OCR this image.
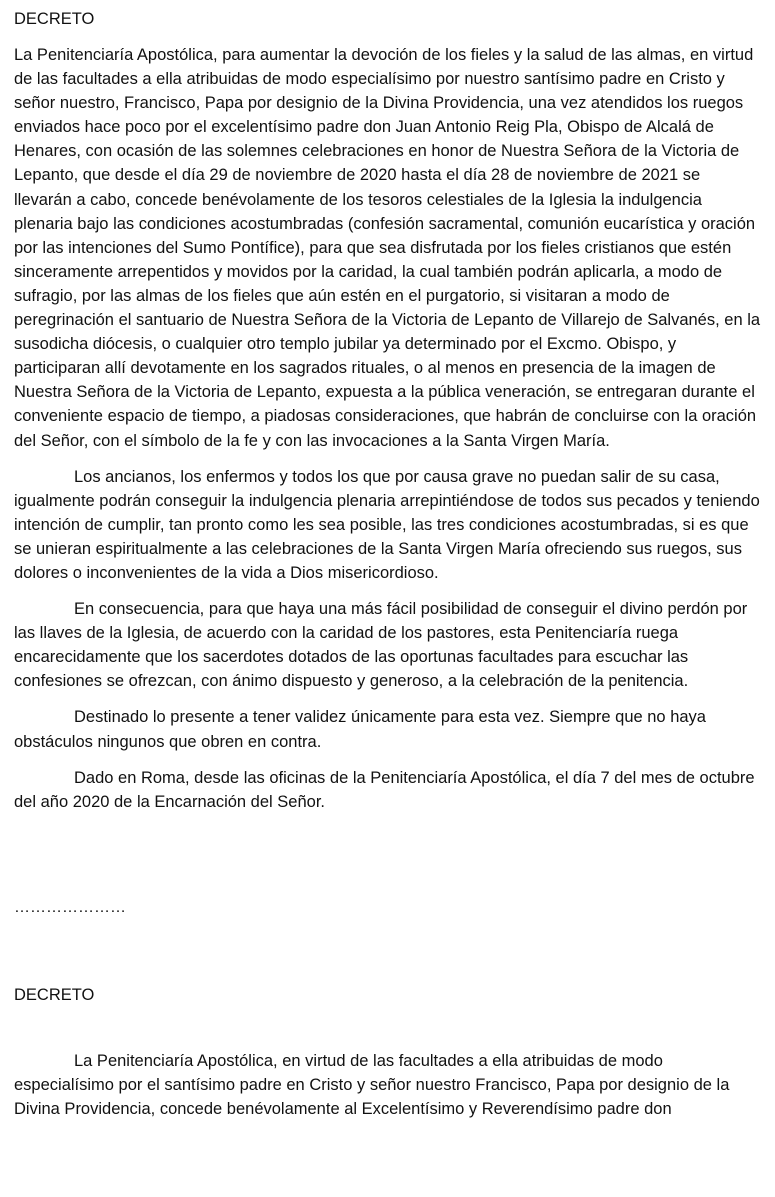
DECRETO

La Penitenciaría Apostólica, para aumentar la devoción de los fieles y la salud de las almas, en virtud de las facultades a ella atribuidas de modo especialísimo por nuestro santísimo padre en Cristo y señor nuestro, Francisco, Papa por designio de la Divina Providencia, una vez atendidos los ruegos enviados hace poco por el excelentísimo padre don Juan Antonio Reig Pla, Obispo de Alcalá de Henares, con ocasión de las solemnes celebraciones en honor de Nuestra Señora de la Victoria de Lepanto, que desde el día 29 de noviembre de 2020 hasta el día 28 de noviembre de 2021 se llevarán a cabo, concede benévolamente de los tesoros celestiales de la Iglesia la indulgencia plenaria bajo las condiciones acostumbradas (confesión sacramental, comunión eucarística y oración por las intenciones del Sumo Pontífice), para que sea disfrutada por los fieles cristianos que estén sinceramente arrepentidos y movidos por la caridad, la cual también podrán aplicarla, a modo de sufragio, por las almas de los fieles que aún estén en el purgatorio, si visitaran a modo de peregrinación el santuario de Nuestra Señora de la Victoria de Lepanto de Villarejo de Salvanés, en la susodicha diócesis, o cualquier otro templo jubilar ya determinado por el Excmo. Obispo, y participaran allí devotamente en los sagrados rituales, o al menos en presencia de la imagen de Nuestra Señora de la Victoria de Lepanto, expuesta a la pública veneración, se entregaran durante el conveniente espacio de tiempo, a piadosas consideraciones, que habrán de concluirse con la oración del Señor, con el símbolo de la fe y con las invocaciones a la Santa Virgen María.

Los ancianos, los enfermos y todos los que por causa grave no puedan salir de su casa, igualmente podrán conseguir la indulgencia plenaria arrepintiéndose de todos sus pecados y teniendo intención de cumplir, tan pronto como les sea posible, las tres condiciones acostumbradas, si es que se unieran espiritualmente a las celebraciones de la Santa Virgen María ofreciendo sus ruegos, sus dolores o inconvenientes de la vida a Dios misericordioso.

En consecuencia, para que haya una más fácil posibilidad de conseguir el divino perdón por las llaves de la Iglesia, de acuerdo con la caridad de los pastores, esta Penitenciaría ruega encarecidamente que los sacerdotes dotados de las oportunas facultades para escuchar las confesiones se ofrezcan, con ánimo dispuesto y generoso, a la celebración de la penitencia.

Destinado lo presente a tener validez únicamente para esta vez. Siempre que no haya obstáculos ningunos que obren en contra.

Dado en Roma, desde las oficinas de la Penitenciaría Apostólica, el día 7 del mes de octubre del año 2020 de la Encarnación del Señor.

…………………
DECRETO

La Penitenciaría Apostólica, en virtud de las facultades a ella atribuidas de modo especialísimo por el santísimo padre en Cristo y señor nuestro Francisco, Papa por designio de la Divina Providencia, concede benévolamente al Excelentísimo y Reverendísimo padre don
